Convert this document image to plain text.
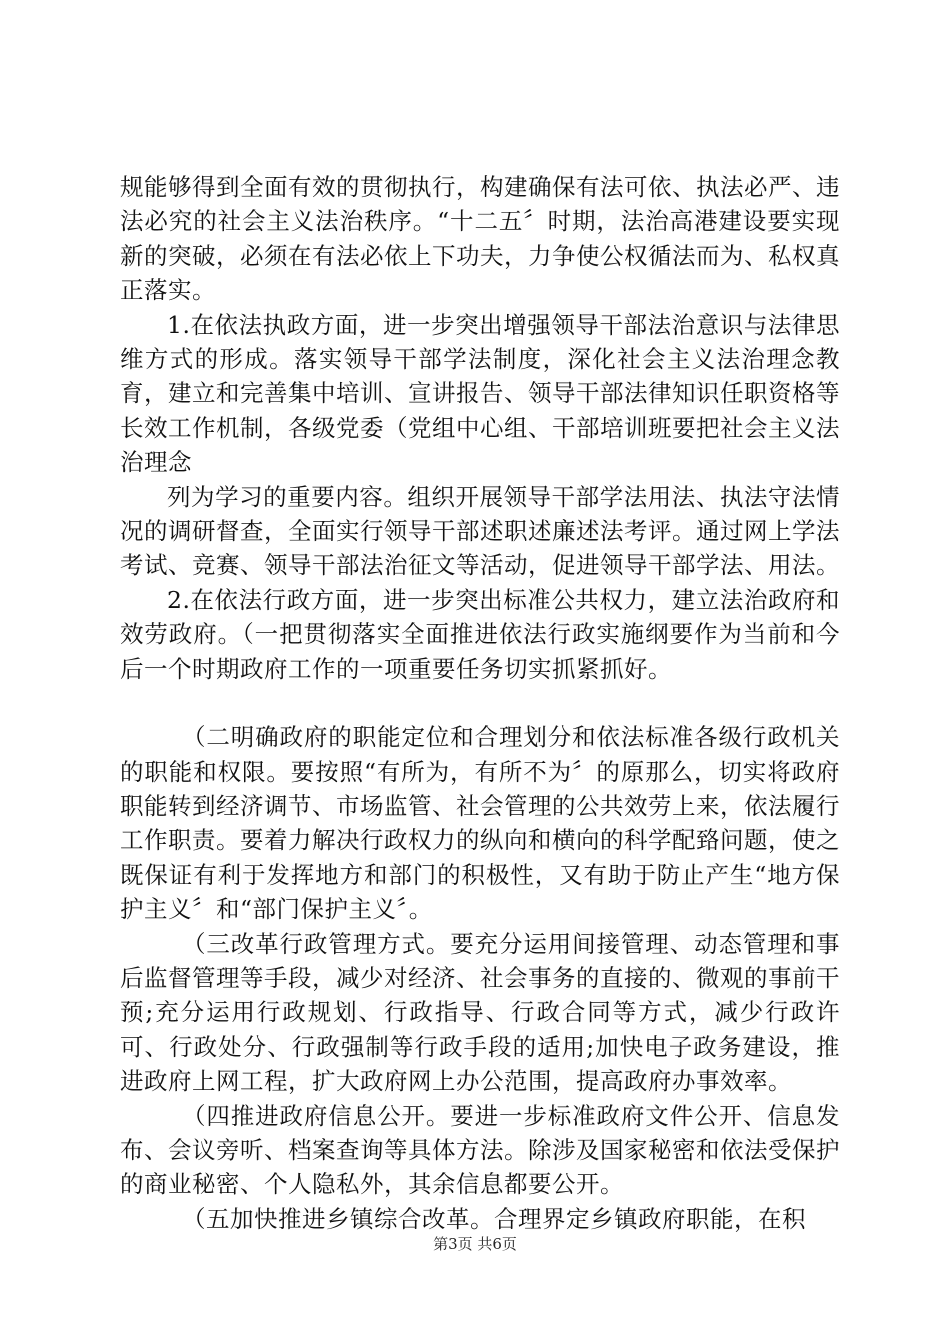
规能够得到全面有效的贯彻执行，构建确保有法可依、执法必严、违法必究的社会主义法治秩序。“十二五〞时期，法治高港建设要实现新的突破，必须在有法必依上下功夫，力争使公权循法而为、私权真正落实。

1.在依法执政方面，进一步突出增强领导干部法治意识与法律思维方式的形成。落实领导干部学法制度，深化社会主义法治理念教育，建立和完善集中培训、宣讲报告、领导干部法律知识任职资格等长效工作机制，各级党委（党组中心组、干部培训班要把社会主义法治理念

列为学习的重要内容。组织开展领导干部学法用法、执法守法情况的调研督查，全面实行领导干部述职述廉述法考评。通过网上学法考试、竞赛、领导干部法治征文等活动，促进领导干部学法、用法。

2.在依法行政方面，进一步突出标准公共权力，建立法治政府和效劳政府。（一把贯彻落实全面推进依法行政实施纲要作为当前和今后一个时期政府工作的一项重要任务切实抓紧抓好。

（二明确政府的职能定位和合理划分和依法标准各级行政机关的职能和权限。要按照“有所为，有所不为〞的原那么，切实将政府职能转到经济调节、市场监管、社会管理的公共效劳上来，依法履行工作职责。要着力解决行政权力的纵向和横向的科学配臵问题，使之既保证有利于发挥地方和部门的积极性，又有助于防止产生“地方保护主义〞和“部门保护主义〞。

（三改革行政管理方式。要充分运用间接管理、动态管理和事后监督管理等手段，减少对经济、社会事务的直接的、微观的事前干预;充分运用行政规划、行政指导、行政合同等方式，减少行政许可、行政处分、行政强制等行政手段的适用;加快电子政务建设，推进政府上网工程，扩大政府网上办公范围，提高政府办事效率。

（四推进政府信息公开。要进一步标准政府文件公开、信息发布、会议旁听、档案查询等具体方法。除涉及国家秘密和依法受保护的商业秘密、个人隐私外，其余信息都要公开。

（五加快推进乡镇综合改革。合理界定乡镇政府职能，在积

第3页 共6页
